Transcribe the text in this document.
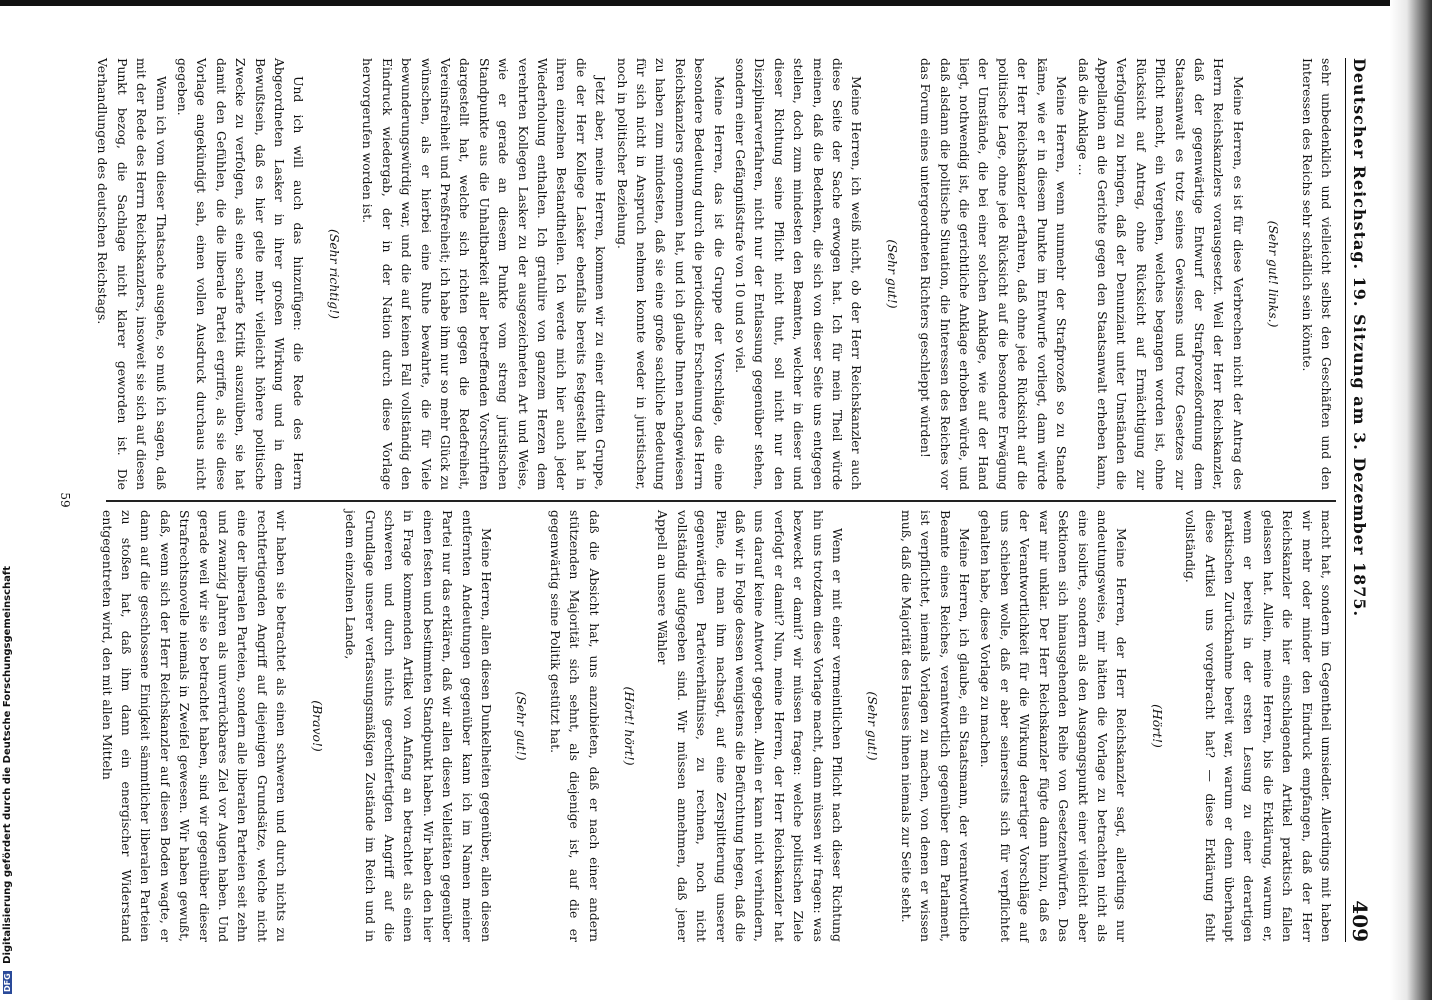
Deutscher Reichstag. 19. Sitzung am 3. Dezember 1875.
409

sehr unbedenklich und vielleicht selbst den Geschäften und den Interessen des Reichs sehr schädlich sein könnte.

(Sehr gut! links.)

Meine Herren, es ist für diese Verbrechen nicht der Antrag des Herrn Reichskanzlers vorausgesetzt. Weil der Herr Reichskanzler, daß der gegenwärtige Entwurf der Strafprozeßordnung dem Staatsanwalt es trotz seines Gewissens und trotz Gesetzes zur Pflicht macht, ein Vergehen, welches begangen worden ist, ohne Rücksicht auf Antrag, ohne Rücksicht auf Ermächtigung zur Verfolgung zu bringen, daß der Denunziant unter Umständen die Appellation an die Gerichte gegen den Staatsanwalt erheben kann, daß die Anklage ...

Meine Herren, wenn nunmehr der Strafprozeß so zu Stande käme, wie er in diesem Punkte im Entwurfe vorliegt, dann würde der Herr Reichskanzler erfahren, daß ohne jede Rücksicht auf die politische Lage, ohne jede Rücksicht auf die besondere Erwägung der Umstände, die bei einer solchen Anklage, wie auf der Hand liegt, nothwendig ist, die gerichtliche Anklage erhoben würde, und daß alsdann die politische Situation, die Interessen des Reiches vor das Forum eines untergeordneten Richters geschleppt würden!

(Sehr gut!)

Meine Herren, ich weiß nicht, ob der Herr Reichskanzler auch diese Seite der Sache erwogen hat. Ich für mein Theil würde meinen, daß die Bedenken, die sich von dieser Seite uns entgegen stellen, doch zum mindesten den Beamten, welcher in dieser und dieser Richtung seine Pflicht nicht thut, soll nicht nur den Disziplinarverfahren, nicht nur der Entlassung gegenüber stehen, sondern einer Gefängnißstrafe von 10 und so viel.

Meine Herren, das ist die Gruppe der Vorschläge, die eine besondere Bedeutung durch die periodische Erscheinung des Herrn Reichskanzlers genommen hat, und ich glaube Ihnen nachgewiesen zu haben zum mindesten, daß sie eine große sachliche Bedeutung für sich nicht in Anspruch nehmen konnte weder in juristischer, noch in politischer Beziehung.

Jetzt aber, meine Herren, kommen wir zu einer dritten Gruppe, die der Herr Kollege Lasker ebenfalls bereits festgestellt hat in ihren einzelnen Bestandtheilen. Ich werde mich hier auch jeder Wiederholung enthalten. Ich gratulire von ganzem Herzen dem verehrten Kollegen Lasker zu der ausgezeichneten Art und Weise, wie er gerade an diesem Punkte vom streng juristischen Standpunkte aus die Unhaltbarkeit aller betreffenden Vorschriften dargestellt hat, welche sich richten gegen die Redefreiheit, Vereinsfreiheit und Preßfreiheit; ich habe ihm nur so mehr Glück zu wünschen, als er hierbei eine Ruhe bewahrte, die für Viele bewunderungswürdig war, und die auf keinen Fall vollständig den Eindruck wiedergab, der in der Nation durch diese Vorlage hervorgerufen worden ist.

(Sehr richtig!)

Und ich will auch das hinzufügen: die Rede des Herrn Abgeordneten Lasker in ihrer großen Wirkung und in dem Bewußtsein, daß es hier gelte mehr vielleicht höhere politische Zwecke zu verfolgen, als eine scharfe Kritik auszuüben, sie hat damit den Gefühlen, die die liberale Partei ergriffe, als sie diese Vorlage angekündigt sah, einen vollen Ausdruck durchaus nicht gegeben.

Wenn ich vom dieser Thatsache ausgehe, so muß ich sagen, daß mit der Rede des Herrn Reichskanzlers, insoweit sie sich auf diesen Punkt bezog, die Sachlage nicht klarer geworden ist. Die Verhandlungen des deutschen Reichstags.

macht hat, sondern im Gegentheil umsiedler. Allerdings mit haben wir mehr oder minder den Eindruck empfangen, daß der Herr Reichskanzler die hier einschlagenden Artikel praktisch fallen gelassen hat. Allein, meine Herren, bis die Erklärung, warum er, wenn er bereits in der ersten Lesung zu einer derartigen praktischen Zurücknahme bereit war, warum er denn überhaupt diese Artikel uns vorgebracht hat? — diese Erklärung fehlt vollständig.

(Hört!)

Meine Herren, der Herr Reichskanzler sagt, allerdings nur andeutungsweise, mir hätten die Vorlage zu betrachten nicht als eine isolirte, sondern als den Ausgangspunkt einer vielleicht aber Sektionen sich hinausgehenden Reihe von Gesetzentwürfen. Das war mir unklar. Der Herr Reichskanzler fügte dann hinzu, daß es der Verantwortlichkeit für die Wirkung derartiger Vorschläge auf uns schieben wolle, daß er aber seinerseits sich für verpflichtet gehalten habe, diese Vorlage zu machen.

Meine Herren, ich glaube, ein Staatsmann, der verantwortliche Beamte eines Reiches, verantwortlich gegenüber dem Parlament, ist verpflichtet, niemals Vorlagen zu machen, von denen er wissen muß, daß die Majorität des Hauses ihnen niemals zur Seite steht.

(Sehr gut!)

Wenn er mit einer vermeintlichen Pflicht nach dieser Richtung hin uns trotzdem diese Vorlage macht, dann müssen wir fragen: was bezweckt er damit? wir müssen fragen: welche politischen Ziele verfolgt er damit? Nun, meine Herren, der Herr Reichskanzler hat uns darauf keine Antwort gegeben. Allein er kann nicht verhindern, daß wir in Folge dessen wenigstens die Befürchtung hegen, daß die Pläne, die man ihm nachsagt, auf eine Zersplitterung unserer gegenwärtigen Parteiverhältnisse, zu rechnen, noch nicht vollständig aufgegeben sind. Wir müssen annehmen, daß jener Appell an unsere Wähler

(Hört! hört!)

daß die Absicht hat, uns anzubieten, daß er nach einer andern stützenden Majorität sich sehnt, als diejenige ist, auf die er gegenwärtig seine Politik gestützt hat.

(Sehr gut!)

Meine Herren, allen diesen Dunkelheiten gegenüber, allen diesen entfernten Andeutungen gegenüber kann ich im Namen meiner Partei nur das erklären, daß wir allen diesen Velleitäten gegenüber einen festen und bestimmten Standpunkt haben. Wir haben den hier in Frage kommenden Artikel von Anfang an betrachtet als einen schweren und durch nichts gerechtfertigten Angriff auf die Grundlage unserer verfassungsmäßigen Zustände im Reich und in jedem einzelnen Lande,

(Bravo!)

wir haben sie betrachtet als einen schweren und durch nichts zu rechtfertigenden Angriff auf diejenigen Grundsätze, welche nicht eine der liberalen Parteien, sondern alle liberalen Parteien seit zehn und zwanzig Jahren als unverrückbares Ziel vor Augen haben. Und gerade weil wir sie so betrachtet haben, sind wir gegenüber dieser Strafrechtsnovelle niemals in Zweifel gewesen. Wir haben gewußt, daß, wenn sich der Herr Reichskanzler auf diesen Boden wagte, er dann auf die geschlossene Einigkeit sämmtlicher liberalen Parteien zu stoßen hat, daß ihm dann ein energischer Widerstand entgegentreten wird, den mit allen Mitteln

59
DFG Digitalisierung gefördert durch die Deutsche Forschungsgemeinschaft
